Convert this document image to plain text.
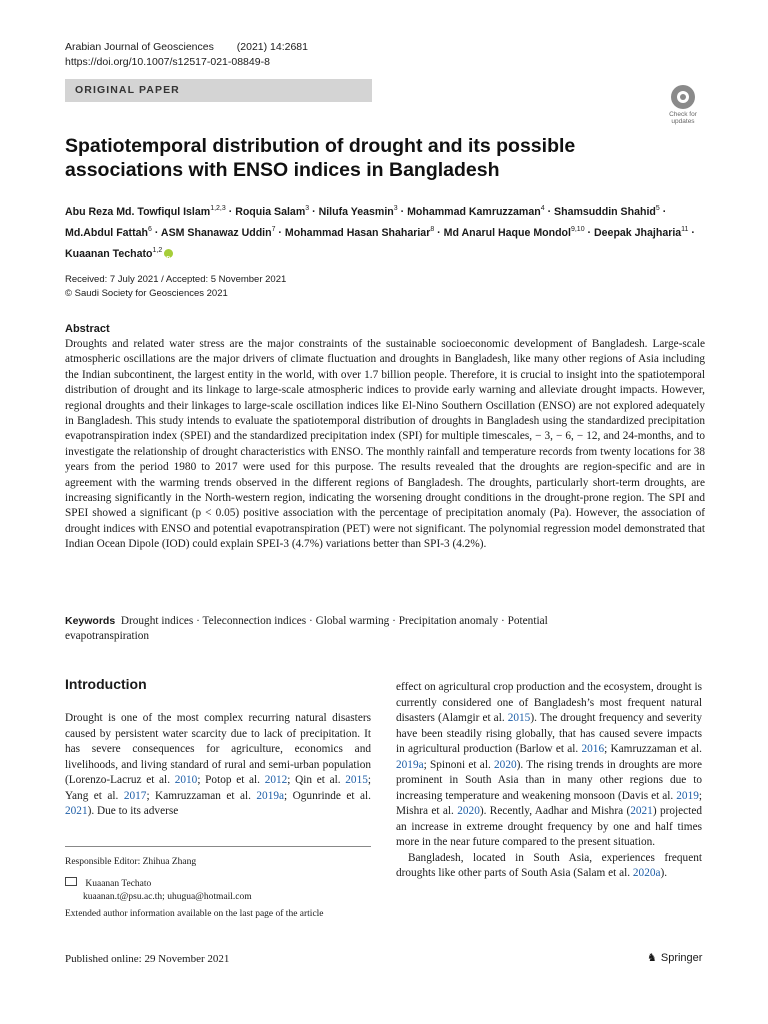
Arabian Journal of Geosciences (2021) 14:2681
https://doi.org/10.1007/s12517-021-08849-8
ORIGINAL PAPER
Check for
updates
Spatiotemporal distribution of drought and its possible associations with ENSO indices in Bangladesh
Abu Reza Md. Towfiqul Islam$^{1,2,3}$ · Roquia Salam$^3$ · Nilufa Yeasmin$^3$ · Mohammad Kamruzzaman$^4$ · Shamsuddin Shahid$^5$ · Md.Abdul Fattah$^6$ · ASM Shanawaz Uddin$^7$ · Mohammad Hasan Shahariar$^8$ · Md Anarul Haque Mondol$^{9,10}$ · Deepak Jhajharia$^{11}$ · Kuaanan Techato$^{1,2}$iD
Received: 7 July 2021 / Accepted: 5 November 2021
© Saudi Society for Geosciences 2021
Abstract

Droughts and related water stress are the major constraints of the sustainable socioeconomic development of Bangladesh. Large-scale atmospheric oscillations are the major drivers of climate fluctuation and droughts in Bangladesh, like many other regions of Asia including the Indian subcontinent, the largest entity in the world, with over 1.7 billion people. Therefore, it is crucial to insight into the spatiotemporal distribution of drought and its linkage to large-scale atmospheric indices to provide early warning and alleviate drought impacts. However, regional droughts and their linkages to large-scale oscillation indices like El-Nino Southern Oscillation (ENSO) are not explored adequately in Bangladesh. This study intends to evaluate the spatiotemporal distribution of droughts in Bangladesh using the standardized precipitation evapotranspiration index (SPEI) and the standardized precipitation index (SPI) for multiple timescales, − 3, − 6, − 12, and 24-months, and to investigate the relationship of drought characteristics with ENSO. The monthly rainfall and temperature records from twenty locations for 38 years from the period 1980 to 2017 were used for this purpose. The results revealed that the droughts are region-specific and are in agreement with the warming trends observed in the different regions of Bangladesh. The droughts, particularly short-term droughts, are increasing significantly in the North-western region, indicating the worsening drought conditions in the drought-prone region. The SPI and SPEI showed a significant (p < 0.05) positive association with the percentage of precipitation anomaly (Pa). However, the association of drought indices with ENSO and potential evapotranspiration (PET) were not significant. The polynomial regression model demonstrated that Indian Ocean Dipole (IOD) could explain SPEI-3 (4.7%) variations better than SPI-3 (4.2%).

Keywords Drought indices · Teleconnection indices · Global warming · Precipitation anomaly · Potential evapotranspiration
Introduction

Drought is one of the most complex recurring natural disasters caused by persistent water scarcity due to lack of precipitation. It has severe consequences for agriculture, economics and livelihoods, and living standard of rural and semi-urban population (Lorenzo-Lacruz et al. 2010; Potop et al. 2012; Qin et al. 2015; Yang et al. 2017; Kamruzzaman et al. 2019a; Ogunrinde et al. 2021). Due to its adverse

effect on agricultural crop production and the ecosystem, drought is currently considered one of Bangladesh’s most frequent natural disasters (Alamgir et al. 2015). The drought frequency and severity have been steadily rising globally, that has caused severe impacts in agricultural production (Barlow et al. 2016; Kamruzzaman et al. 2019a; Spinoni et al. 2020). The rising trends in droughts are more prominent in South Asia than in many other regions due to increasing temperature and weakening monsoon (Davis et al. 2019; Mishra et al. 2020). Recently, Aadhar and Mishra (2021) projected an increase in extreme drought frequency by one and half times more in the near future compared to the present situation.

Bangladesh, located in South Asia, experiences frequent droughts like other parts of South Asia (Salam et al. 2020a).

Responsible Editor: Zhihua Zhang
Kuaanan Techato
kuaanan.t@psu.ac.th; uhugua@hotmail.com
Extended author information available on the last page of the article
Published online: 29 November 2021	♞ Springer
